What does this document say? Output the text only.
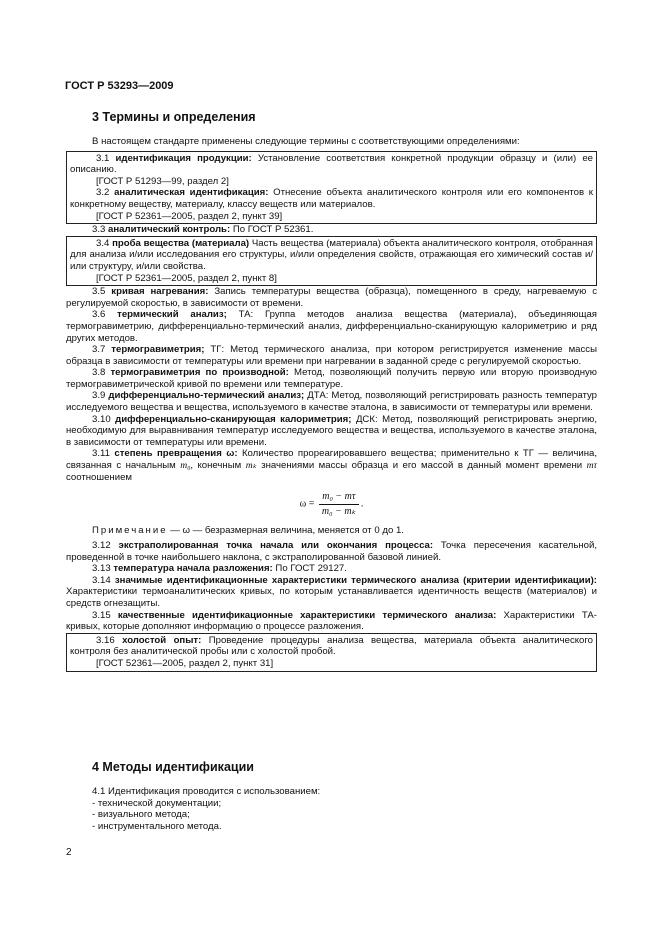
ГОСТ Р 53293—2009
3 Термины и определения

В настоящем стандарте применены следующие термины с соответствующими определениями:

3.1 идентификация продукции: Установление соответствия конкретной продукции образцу и (или) ее описанию.

[ГОСТ Р 51293—99, раздел 2]

3.2 аналитическая идентификация: Отнесение объекта аналитического контроля или его компонентов к конкретному веществу, материалу, классу веществ или материалов.

[ГОСТ Р 52361—2005, раздел 2, пункт 39]

3.3 аналитический контроль: По ГОСТ Р 52361.

3.4 проба вещества (материала) Часть вещества (материала) объекта аналитического контроля, отобранная для анализа и/или исследования его структуры, и/или определения свойств, отражающая его химический состав и/или структуру, и/или свойства.

[ГОСТ Р 52361—2005, раздел 2, пункт 8]

3.5 кривая нагревания: Запись температуры вещества (образца), помещенного в среду, нагреваемую с регулируемой скоростью, в зависимости от времени.

3.6 термический анализ; ТА: Группа методов анализа вещества (материала), объединяющая термогравиметрию, дифференциально-термический анализ, дифференциально-сканирующую калориметрию и ряд других методов.

3.7 термогравиметрия; ТГ: Метод термического анализа, при котором регистрируется изменение массы образца в зависимости от температуры или времени при нагревании в заданной среде с регулируемой скоростью.

3.8 термогравиметрия по производной: Метод, позволяющий получить первую или вторую производную термогравиметрической кривой по времени или температуре.

3.9 дифференциально-термический анализ; ДТА: Метод, позволяющий регистрировать разность температур исследуемого вещества и вещества, используемого в качестве эталона, в зависимости от температуры или времени.

3.10 дифференциально-сканирующая калориметрия; ДСК: Метод, позволяющий регистрировать энергию, необходимую для выравнивания температур исследуемого вещества и вещества, используемого в качестве эталона, в зависимости от температуры или времени.

3.11 степень превращения ω: Количество прореагировавшего вещества; применительно к ТГ — величина, связанная с начальным m₀, конечным mₖ значениями массы образца и его массой в данный момент времени mτ соотношением

$\omega = \frac{\text{m₀ − mτ}}{\text{m₀ − mₖ}}$ .

Примечание — ω — безразмерная величина, меняется от 0 до 1.

3.12 экстраполированная точка начала или окончания процесса: Точка пересечения касательной, проведенной в точке наибольшего наклона, с экстраполированной базовой линией.

3.13 температура начала разложения: По ГОСТ 29127.

3.14 значимые идентификационные характеристики термического анализа (критерии идентификации): Характеристики термоаналитических кривых, по которым устанавливается идентичность веществ (материалов) и средств огнезащиты.

3.15 качественные идентификационные характеристики термического анализа: Характеристики ТА-кривых, которые дополняют информацию о процессе разложения.

3.16 холостой опыт: Проведение процедуры анализа вещества, материала объекта аналитического контроля без аналитической пробы или с холостой пробой.

[ГОСТ 52361—2005, раздел 2, пункт 31]

4 Методы идентификации
4.1 Идентификация проводится с использованием:
- технической документации;
- визуального метода;
- инструментального метода.
2
